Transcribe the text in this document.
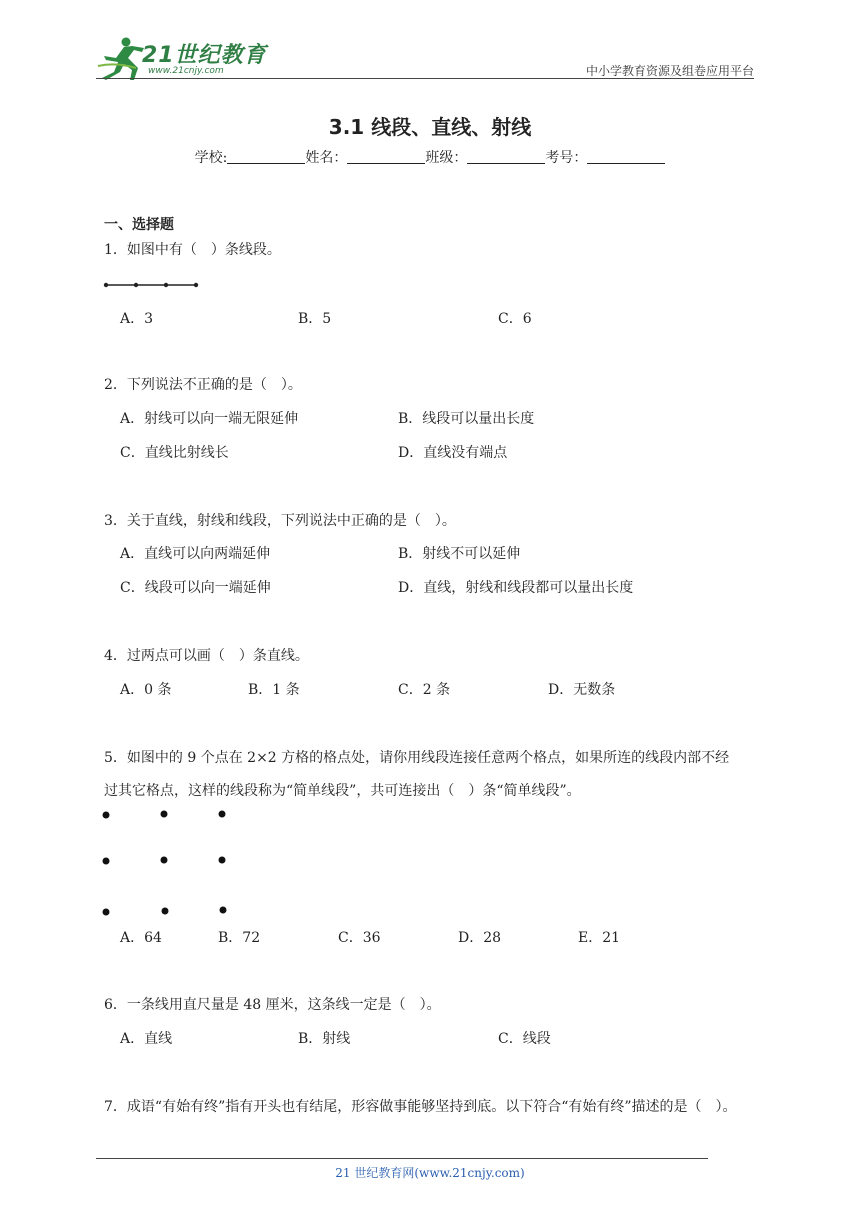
21世纪教育
www.21cnjy.com	中小学教育资源及组卷应用平台
3.1 线段、直线、射线
学校:	姓名：	班级：	考号：
一、选择题
1．如图中有（　）条线段。
A．3	B．5	C．6
2．下列说法不正确的是（　）。
A．射线可以向一端无限延伸	B．线段可以量出长度
C．直线比射线长	D．直线没有端点
3．关于直线，射线和线段，下列说法中正确的是（　）。
A．直线可以向两端延伸	B．射线不可以延伸
C．线段可以向一端延伸	D．直线，射线和线段都可以量出长度
4．过两点可以画（　）条直线。
A．0 条	B．1 条	C．2 条	D．无数条
5．如图中的 9 个点在 2×2 方格的格点处，请你用线段连接任意两个格点，如果所连的线段内部不经
过其它格点，这样的线段称为“简单线段”，共可连接出（　）条“简单线段”。
A．64	B．72	C．36	D．28	E．21
6．一条线用直尺量是 48 厘米，这条线一定是（　）。
A．直线	B．射线	C．线段
7．成语“有始有终”指有开头也有结尾，形容做事能够坚持到底。以下符合“有始有终”描述的是（　）。
21 世纪教育网(www.21cnjy.com)
